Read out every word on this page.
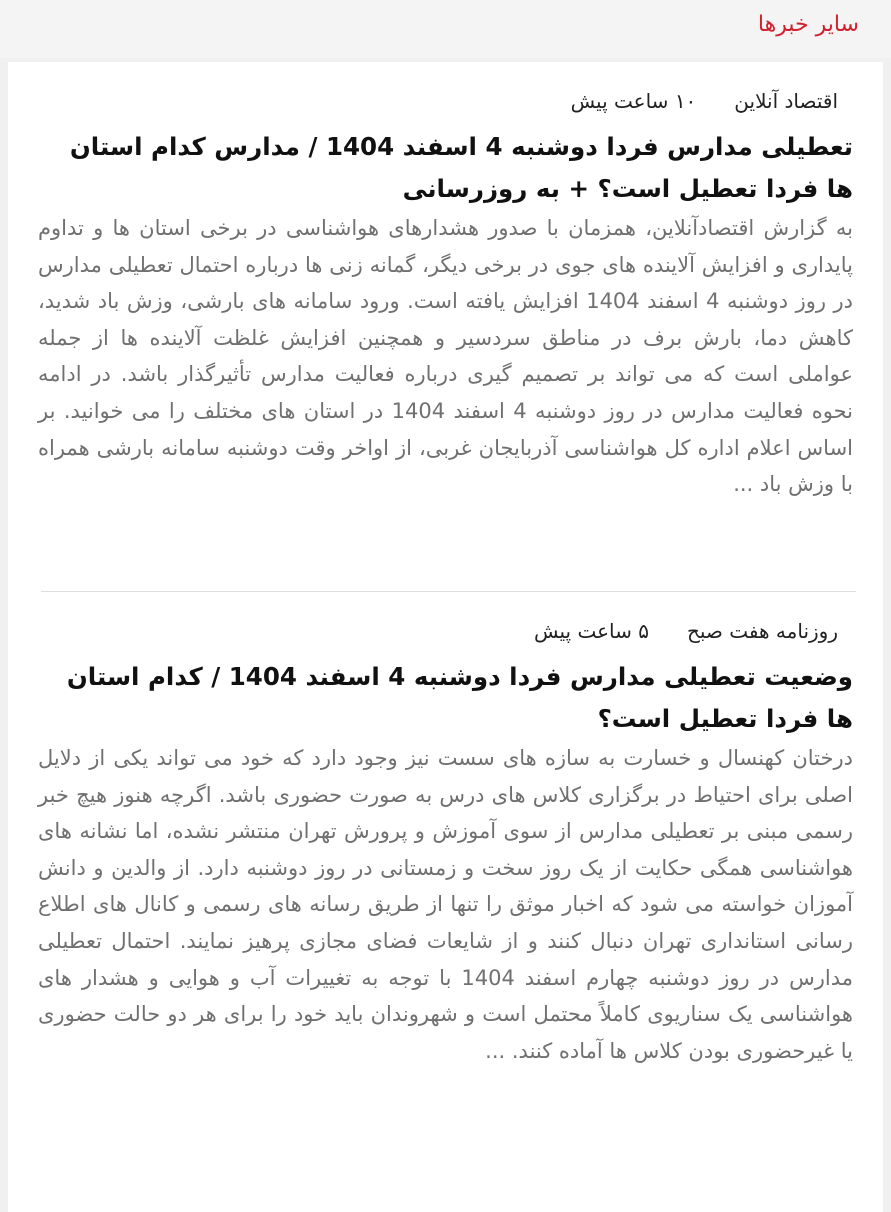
سایر خبرها
اقتصاد آنلاین
۱۰ ساعت پیش
تعطیلی مدارس فردا دوشنبه 4 اسفند 1404 / مدارس کدام استان ها فردا تعطیل است؟ + به روزرسانی

به گزارش اقتصادآنلاین، همزمان با صدور هشدارهای هواشناسی در برخی استان ها و تداوم پایداری و افزایش آلاینده های جوی در برخی دیگر، گمانه زنی ها درباره احتمال تعطیلی مدارس در روز دوشنبه 4 اسفند 1404 افزایش یافته است. ورود سامانه های بارشی، وزش باد شدید، کاهش دما، بارش برف در مناطق سردسیر و همچنین افزایش غلظت آلاینده ها از جمله عواملی است که می تواند بر تصمیم گیری درباره فعالیت مدارس تأثیرگذار باشد. در ادامه نحوه فعالیت مدارس در روز دوشنبه 4 اسفند 1404 در استان های مختلف را می خوانید. بر اساس اعلام اداره کل هواشناسی آذربایجان غربی، از اواخر وقت دوشنبه سامانه بارشی همراه با وزش باد ...

روزنامه هفت صبح
۵ ساعت پیش
وضعیت تعطیلی مدارس فردا دوشنبه 4 اسفند 1404 / کدام استان ها فردا تعطیل است؟

درختان کهنسال و خسارت به سازه های سست نیز وجود دارد که خود می تواند یکی از دلایل اصلی برای احتیاط در برگزاری کلاس های درس به صورت حضوری باشد. اگرچه هنوز هیچ خبر رسمی مبنی بر تعطیلی مدارس از سوی آموزش و پرورش تهران منتشر نشده، اما نشانه های هواشناسی همگی حکایت از یک روز سخت و زمستانی در روز دوشنبه دارد. از والدین و دانش آموزان خواسته می شود که اخبار موثق را تنها از طریق رسانه های رسمی و کانال های اطلاع رسانی استانداری تهران دنبال کنند و از شایعات فضای مجازی پرهیز نمایند. احتمال تعطیلی مدارس در روز دوشنبه چهارم اسفند 1404 با توجه به تغییرات آب و هوایی و هشدار های هواشناسی یک سناریوی کاملاً محتمل است و شهروندان باید خود را برای هر دو حالت حضوری یا غیرحضوری بودن کلاس ها آماده کنند. ...
